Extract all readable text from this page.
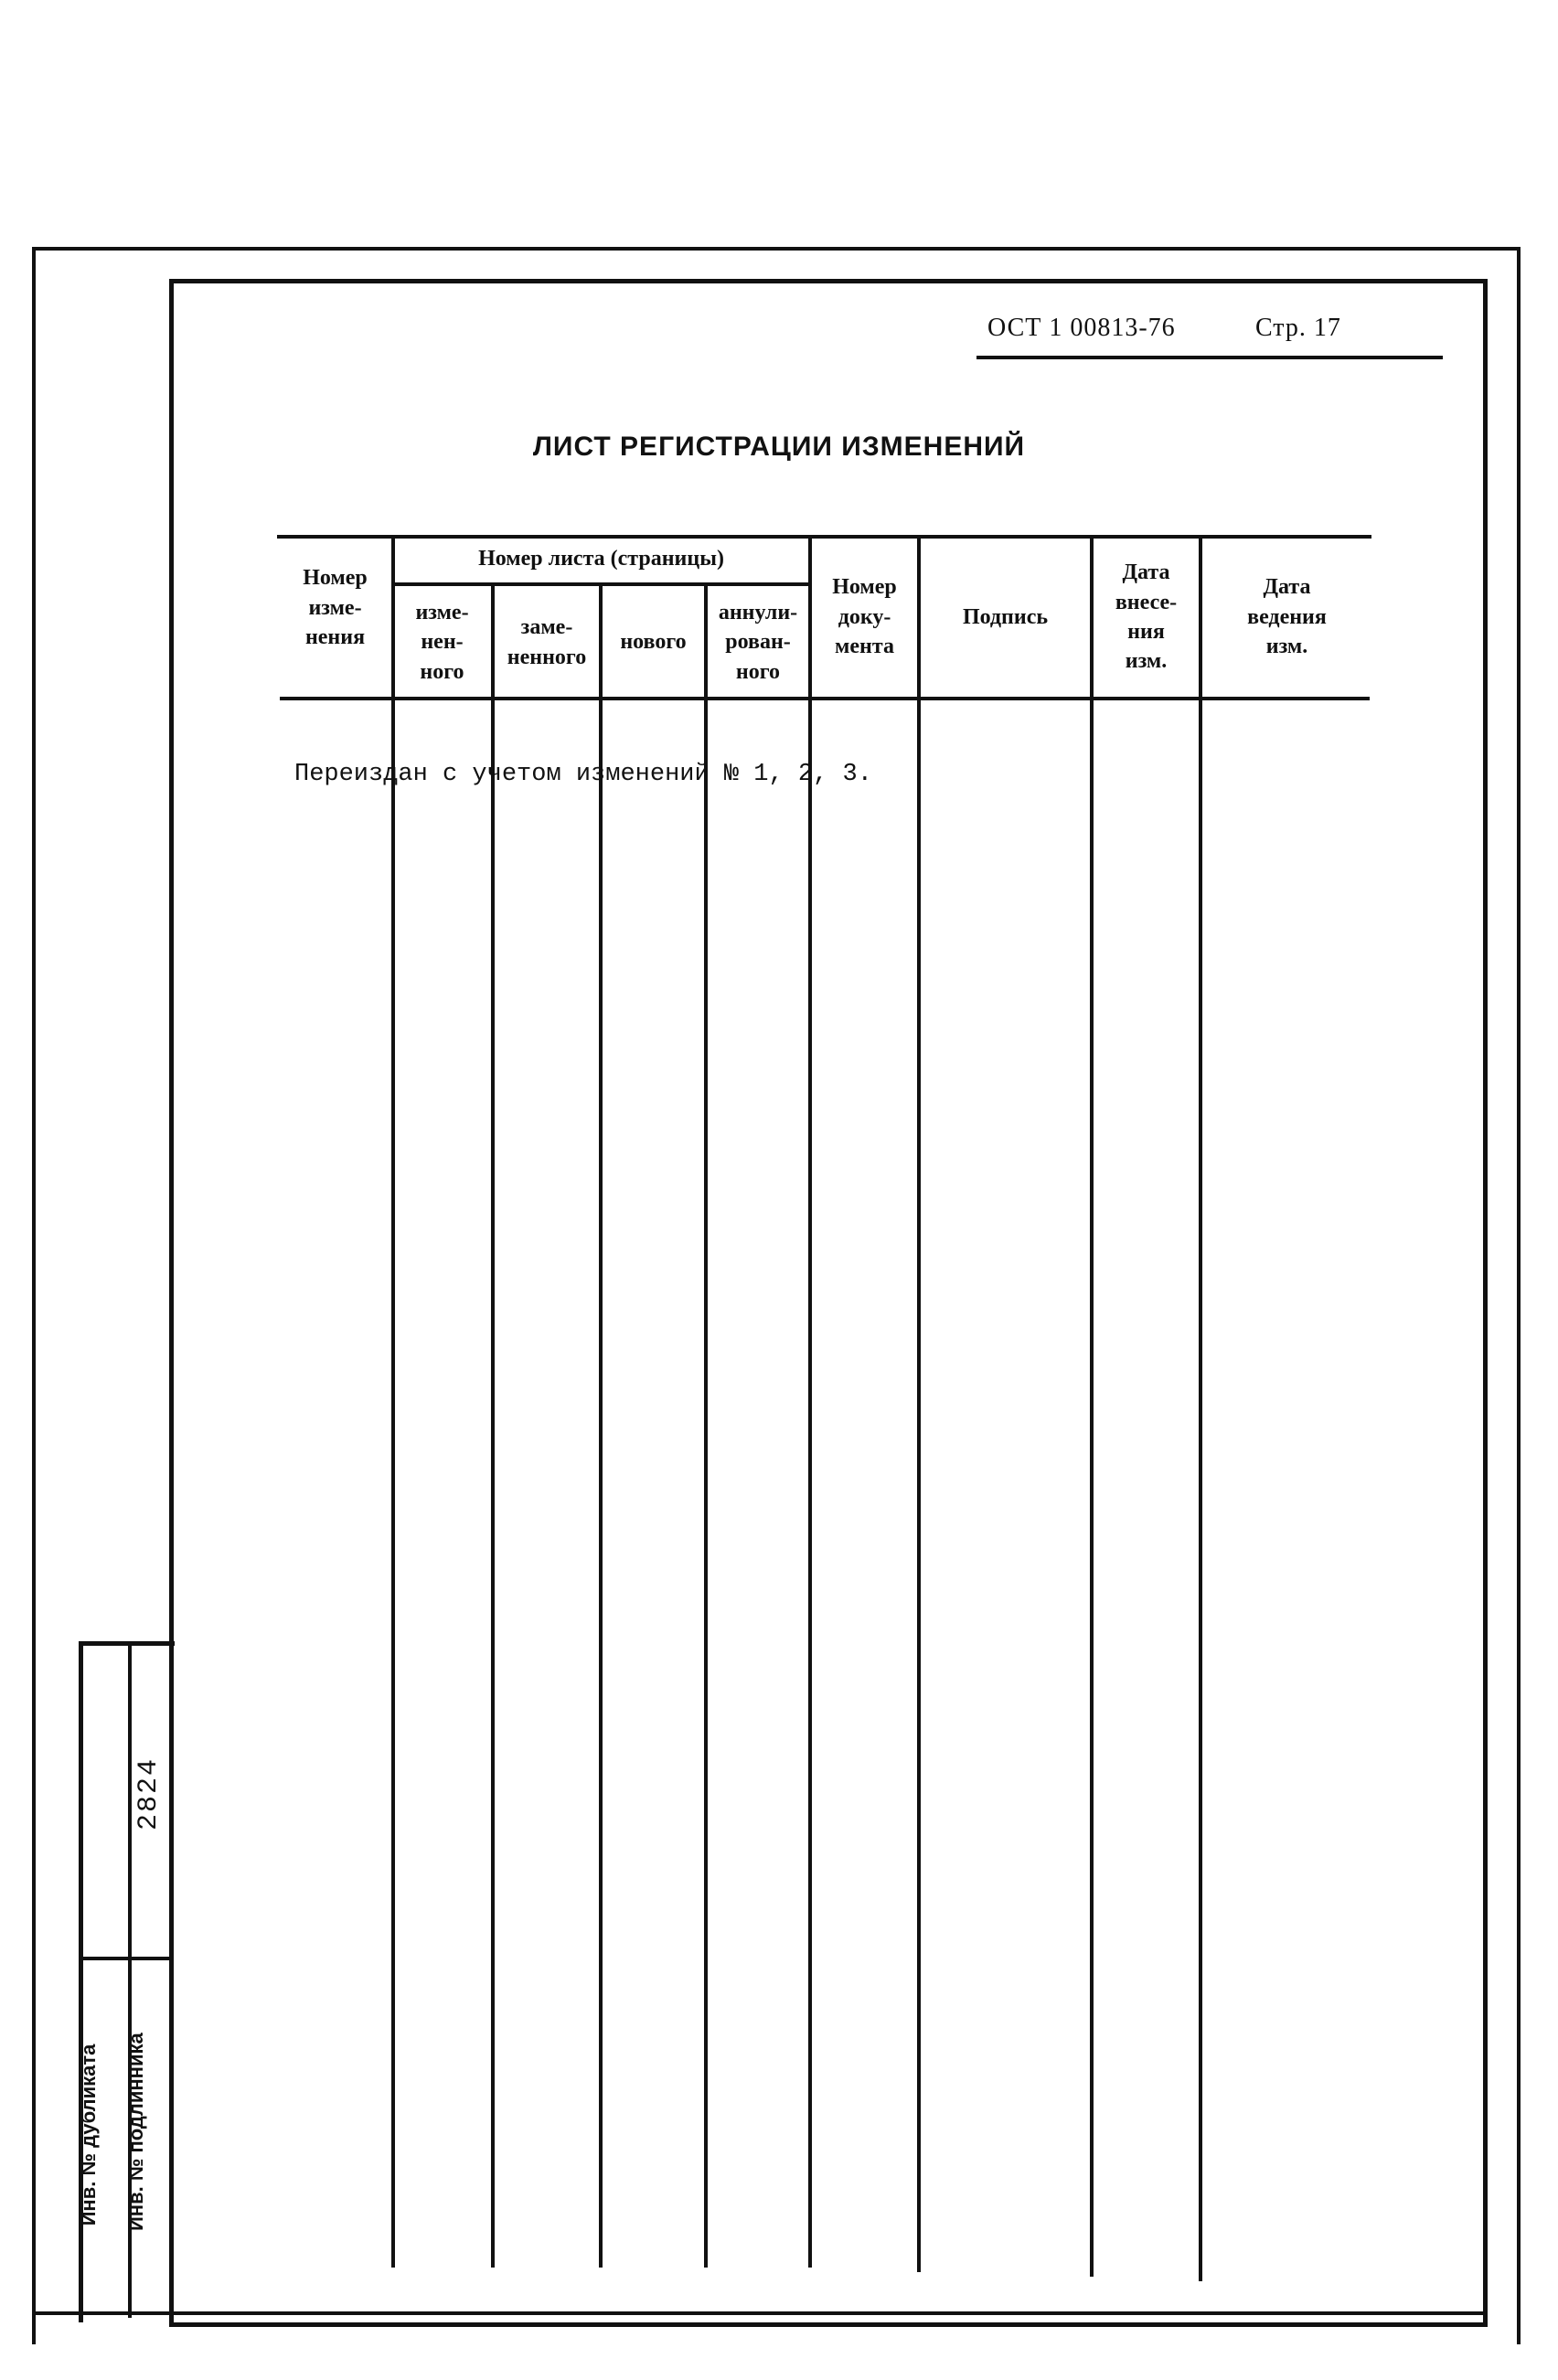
ОСТ 1 00813-76	Стр. 17
ЛИСТ РЕГИСТРАЦИИ ИЗМЕНЕНИЙ
Номер
изме-
нения
Номер листа (страницы)
изме-
нен-
ного
заме-
ненного
нового
аннули-
рован-
ного
Номер
доку-
мента
Подпись
Дата
внесе-
ния
изм.
Дата
ведения
изм.
Переиздан с учетом изменений № 1, 2, 3.
Инв. № дубликата Инв. № подлинника
2824
